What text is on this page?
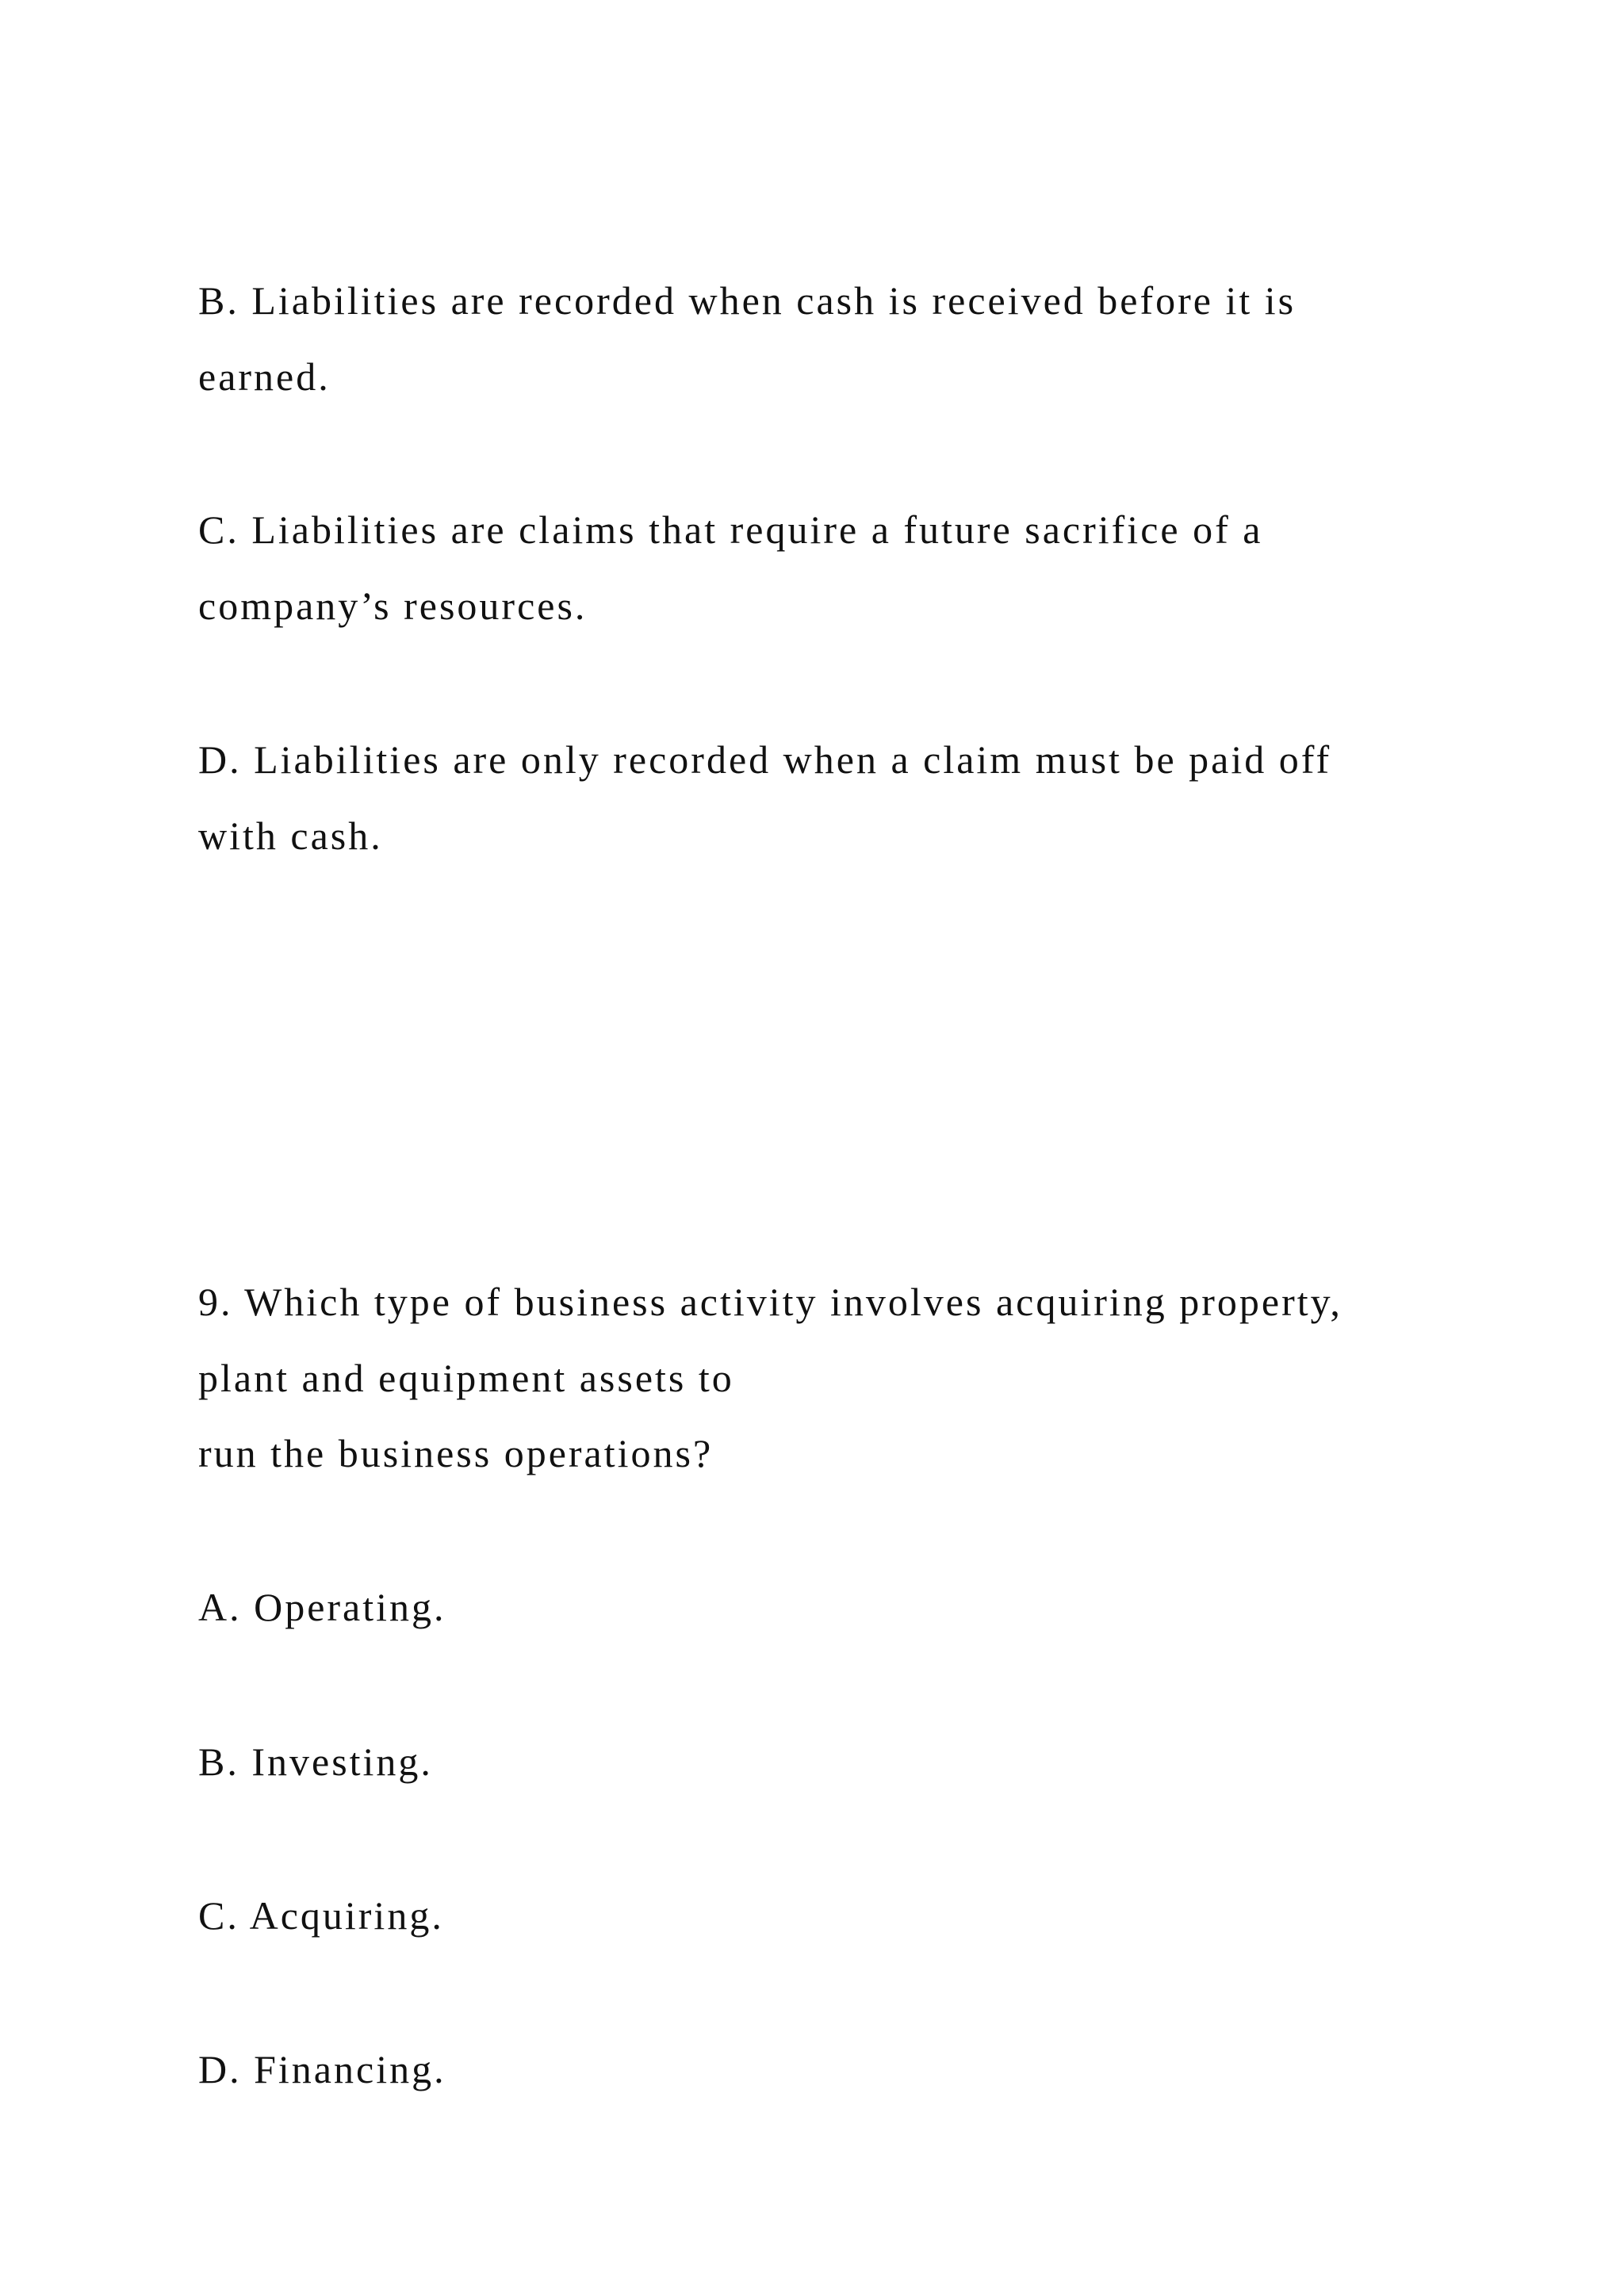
B. Liabilities are recorded when cash is received before it is

earned.

C. Liabilities are claims that require a future sacrifice of a

company’s resources.

D. Liabilities are only recorded when a claim must be paid off

with cash.

9. Which type of business activity involves acquiring property,

plant and equipment assets to

run the business operations?

A. Operating.

B. Investing.

C. Acquiring.

D. Financing.
